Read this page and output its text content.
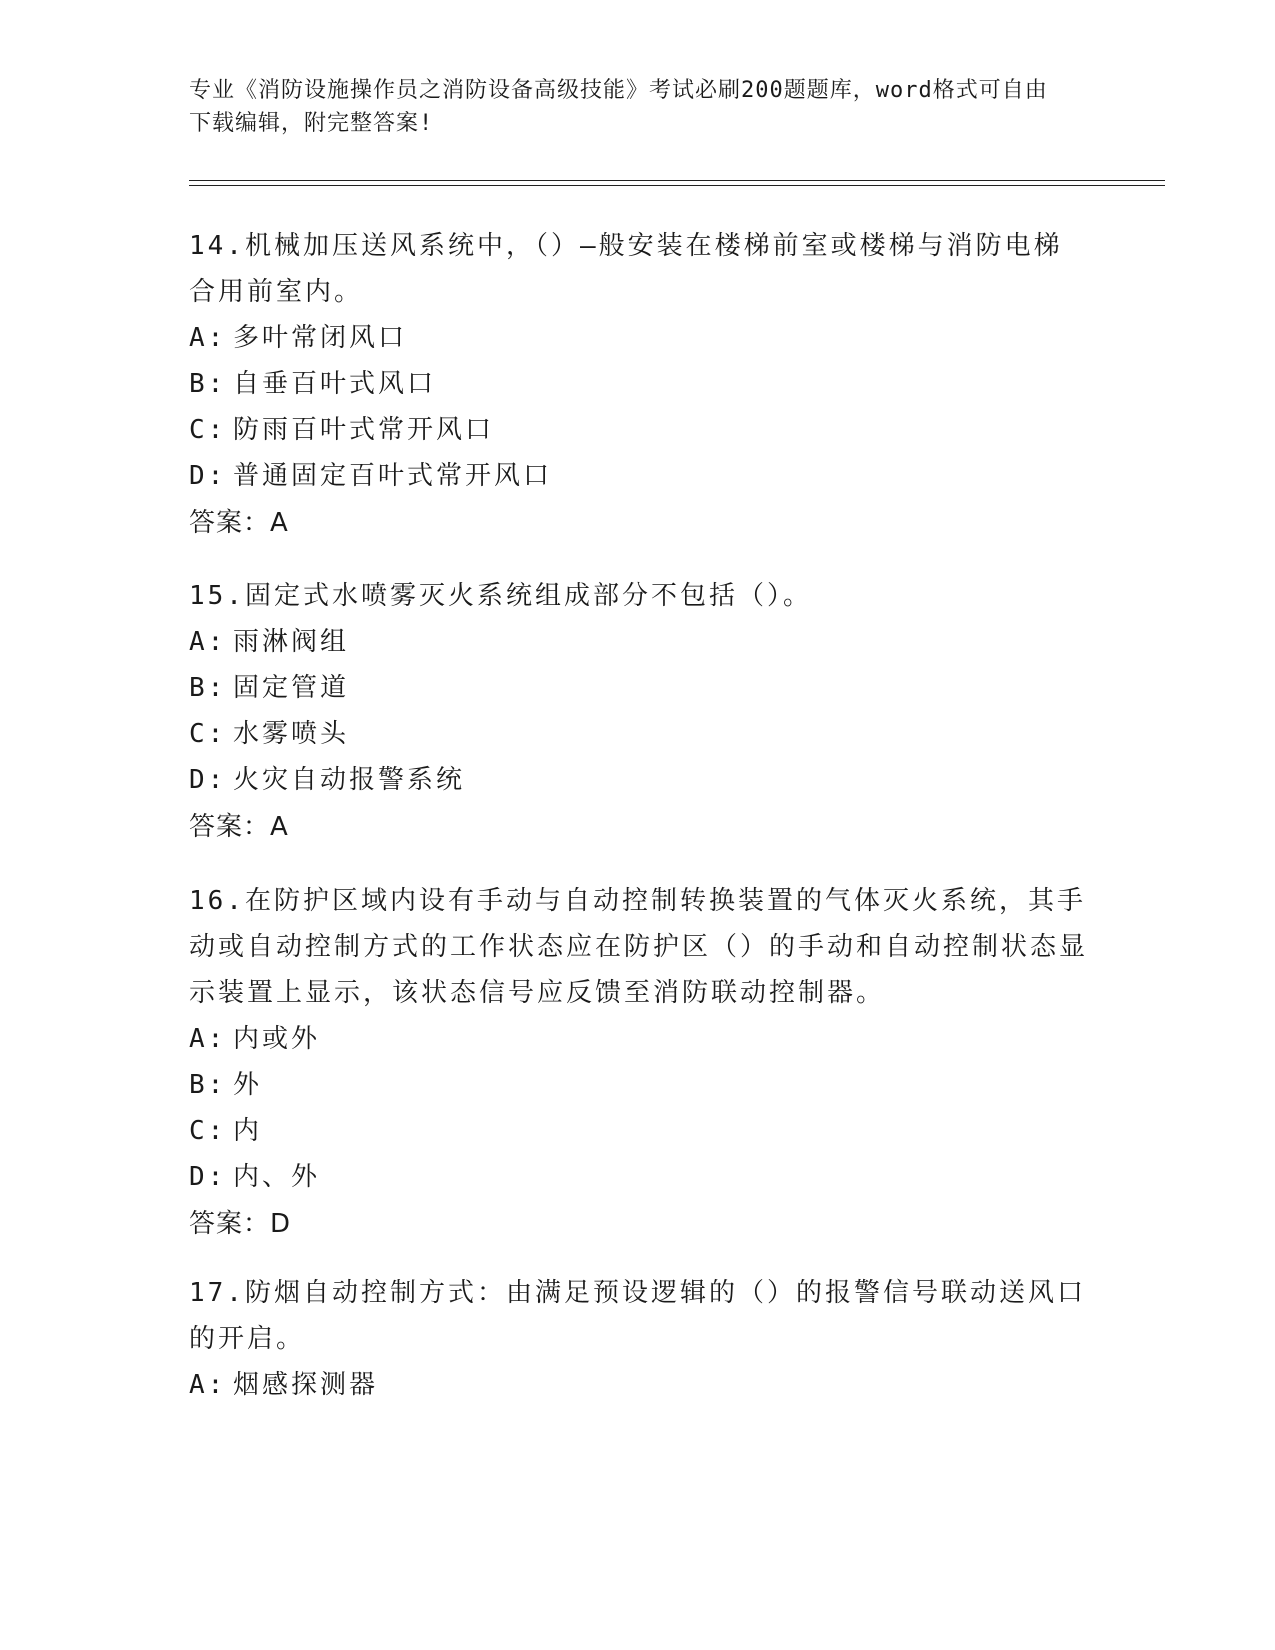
专业《消防设施操作员之消防设备高级技能》考试必刷200题题库，word格式可自由下载编辑，附完整答案!
14.机械加压送风系统中，（）—般安装在楼梯前室或楼梯与消防电梯合用前室内。
A: 多叶常闭风口
B: 自垂百叶式风口
C: 防雨百叶式常开风口
D: 普通固定百叶式常开风口
答案：A
15.固定式水喷雾灭火系统组成部分不包括（）。
A: 雨淋阀组
B: 固定管道
C: 水雾喷头
D: 火灾自动报警系统
答案：A
16.在防护区域内设有手动与自动控制转换装置的气体灭火系统，其手动或自动控制方式的工作状态应在防护区（）的手动和自动控制状态显示装置上显示，该状态信号应反馈至消防联动控制器。
A: 内或外
B: 外
C: 内
D: 内、外
答案：D
17.防烟自动控制方式：由满足预设逻辑的（）的报警信号联动送风口的开启。
A: 烟感探测器
